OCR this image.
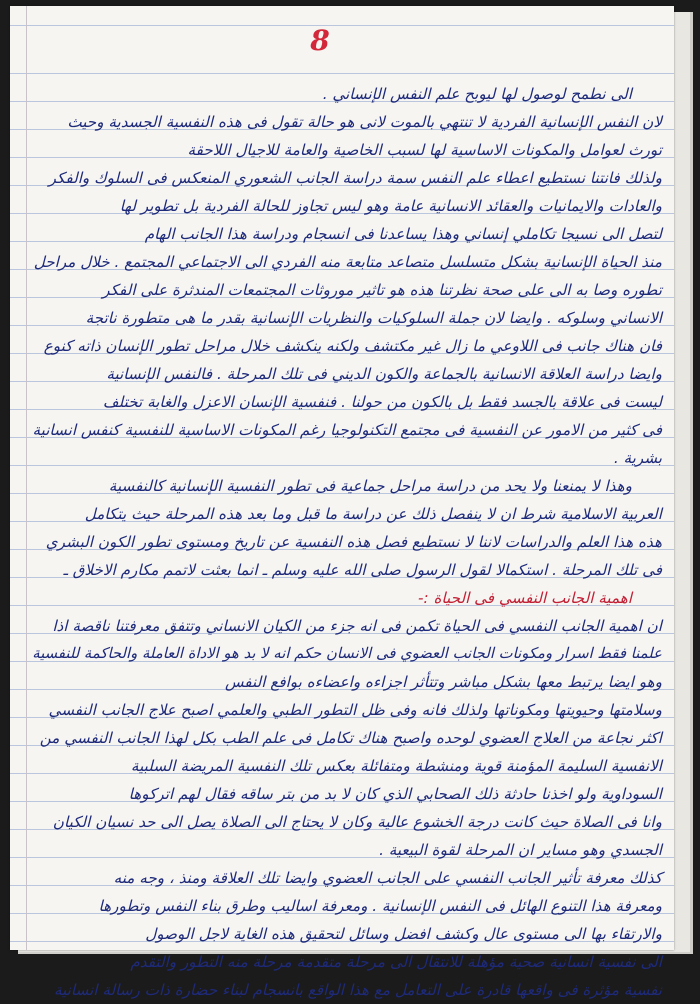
8
الى نطمح لوصول لها ليوبح علم النفس الإنساني .
لان النفس الإنسانية الفردية لا تنتهي بالموت لانى هو حالة تقول فى هذه النفسية الجسدية وحيث
تورث لعوامل والمكونات الاساسية لها لسبب الخاصية والعامة للاجيال اللاحقة
ولذلك فانتنا نستطيع اعطاء علم النفس سمة دراسة الجانب الشعوري المنعكس فى السلوك والفكر
والعادات والايمانيات والعقائد الانسانية عامة وهو ليس تجاوز للحالة الفردية بل تطوير لها
لتصل الى نسيجا تكاملي إنساني وهذا يساعدنا فى انسجام ودراسة هذا الجانب الهام
منذ الحياة الإنسانية بشكل متسلسل متصاعد متابعة منه الفردي الى الاجتماعي المجتمع . خلال مراحل
تطوره وصا به الى على صحة نظرتنا هذه هو تاثير موروثات المجتمعات المندثرة على الفكر
الانساني وسلوكه . وايضا لان جملة السلوكيات والنظريات الإنسانية بقدر ما هى متطورة ناتجة
فان هناك جانب فى اللاوعي ما زال غير مكتشف ولكنه ينكشف خلال مراحل تطور الإنسان ذاته كنوع
وايضا دراسة العلاقة الانسانية بالجماعة والكون الديني فى تلك المرحلة . فالنفس الإنسانية
ليست فى علاقة بالجسد فقط بل بالكون من حولنا . فنفسية الإنسان الاعزل والغابة تختلف
فى كثير من الامور عن النفسية فى مجتمع التكنولوجيا رغم المكونات الاساسية للنفسية كنفس انسانية
بشرية .
وهذا لا يمنعنا ولا يحد من دراسة مراحل جماعية فى تطور النفسية الإنسانية كالنفسية
العربية الاسلامية شرط ان لا ينفصل ذلك عن دراسة ما قبل وما بعد هذه المرحلة حيث يتكامل
هذه هذا العلم والدراسات لاننا لا نستطيع فصل هذه النفسية عن تاريخ ومستوى تطور الكون البشري
فى تلك المرحلة . استكمالا لقول الرسول صلى الله عليه وسلم ـ انما بعثت لاتمم مكارم الاخلاق ـ
اهمية الجانب النفسي فى الحياة :-
ان اهمية الجانب النفسي فى الحياة تكمن فى انه جزء من الكيان الانساني وتتفق معرفتنا ناقصة اذا
علمنا فقط اسرار ومكونات الجانب العضوي فى الانسان حكم انه لا بد هو الاداة العاملة والحاكمة للنفسية
وهو ايضا يرتبط معها بشكل مباشر وتتأثر اجزاءه واعضاءه بوافع النفس
وسلامتها وحيويتها ومكوناتها ولذلك فانه وفى ظل التطور الطبي والعلمي اصبح علاج الجانب النفسي
اكثر نجاعة من العلاج العضوي لوحده واصبح هناك تكامل فى علم الطب بكل لهذا الجانب النفسي من
الانفسية السليمة المؤمنة قوية ومنشطة ومتفائلة بعكس تلك النفسية المريضة السلبية
السوداوية ولو اخذنا حادثة ذلك الصحابي الذي كان لا بد من بتر ساقه فقال لهم اتركوها
وانا فى الصلاة حيث كانت درجة الخشوع عالية وكان لا يحتاج الى الصلاة يصل الى حد نسيان الكيان
الجسدي وهو مساير ان المرحلة لقوة البيعية .
كذلك معرفة تأثير الجانب النفسي على الجانب العضوي وايضا تلك العلاقة ومنذ ، وجه منه
ومعرفة هذا التنوع الهائل فى النفس الإنسانية . ومعرفة اساليب وطرق بناء النفس وتطورها
والارتقاء بها الى مستوى عال وكشف افضل وسائل لتحقيق هذه الغاية لاجل الوصول
الى نفسية انسانية صحية مؤهلة للانتقال الى مرحلة متقدمة مرحلة منه التطور والتقدم
نفسية مؤثرة فى واقعها قادرة على التعامل مع هذا الواقع بانسجام لبناء حضارة ذات رسالة انسانية
